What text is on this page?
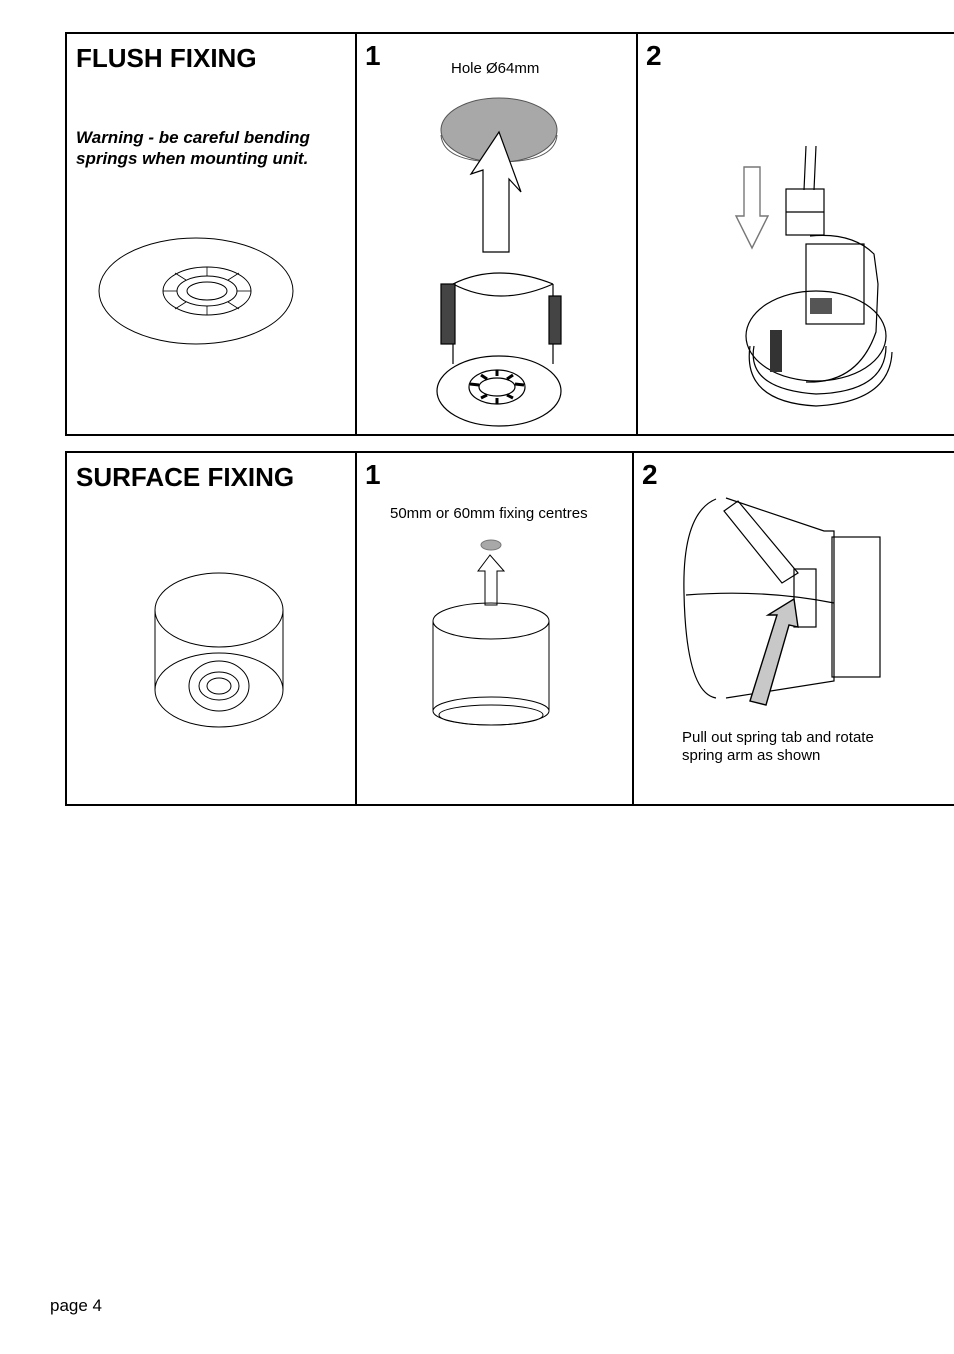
FLUSH FIXING
Warning - be careful bending springs when mounting unit.
1	Hole Ø64mm	2
SURFACE FIXING	1
50mm or 60mm fixing centres
2
Pull out spring tab and rotate spring arm as shown
page 4
